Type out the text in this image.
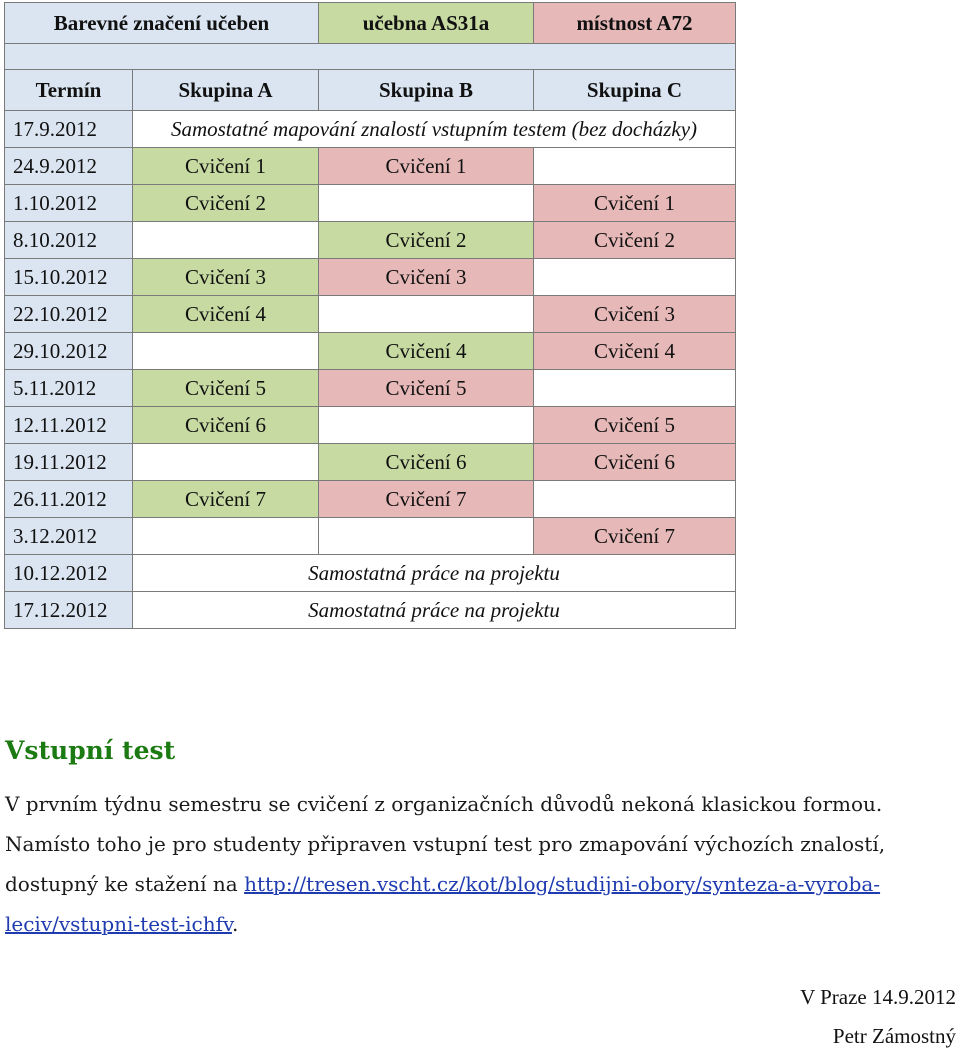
Barevné značení učeben		učebna AS31a	místnost A72

Termín	Skupina A	Skupina B	Skupina C
17.9.2012	Samostatné mapování znalostí vstupním testem (bez docházky)		
24.9.2012	Cvičení 1	Cvičení 1	
1.10.2012	Cvičení 2		Cvičení 1
8.10.2012		Cvičení 2	Cvičení 2
15.10.2012	Cvičení 3	Cvičení 3	
22.10.2012	Cvičení 4		Cvičení 3
29.10.2012		Cvičení 4	Cvičení 4
5.11.2012	Cvičení 5	Cvičení 5	
12.11.2012	Cvičení 6		Cvičení 5
19.11.2012		Cvičení 6	Cvičení 6
26.11.2012	Cvičení 7	Cvičení 7	
3.12.2012			Cvičení 7
10.12.2012	Samostatná práce na projektu		
17.12.2012	Samostatná práce na projektu		
Vstupní test
V prvním týdnu semestru se cvičení z organizačních důvodů nekoná klasickou formou. Namísto toho je pro studenty připraven vstupní test pro zmapování výchozích znalostí, dostupný ke stažení na http://tresen.vscht.cz/kot/blog/studijni-obory/synteza-a-vyroba-leciv/vstupni-test-ichfv.
V Praze 14.9.2012
Petr Zámostný
